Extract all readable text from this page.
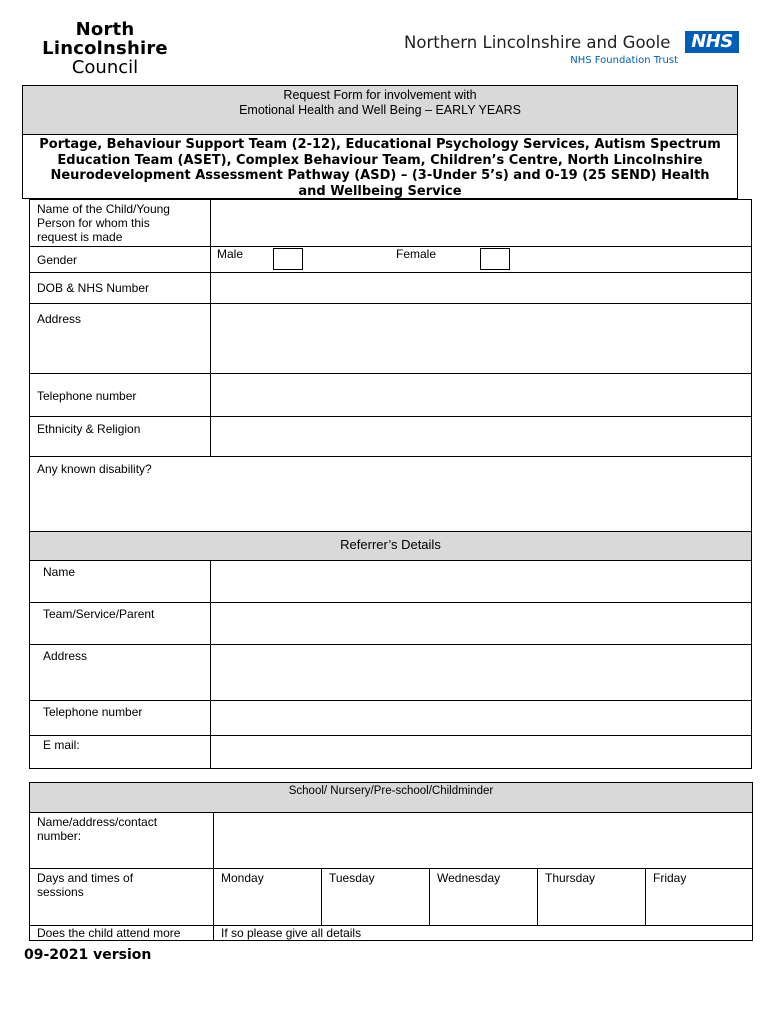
North
Lincolnshire
Council
Northern Lincolnshire and Goole	NHS
NHS Foundation Trust
Request Form for involvement with
Emotional Health and Well Being – EARLY YEARS
Portage, Behaviour Support Team (2-12), Educational Psychology Services, Autism Spectrum Education Team (ASET), Complex Behaviour Team, Children’s Centre, North Lincolnshire Neurodevelopment Assessment Pathway (ASD) – (3-Under 5’s) and 0-19 (25 SEND) Health and Wellbeing Service
Name of the Child/Young
Person for whom this
request is made
Gender	Male	Female
DOB & NHS Number
Address
Telephone number
Ethnicity & Religion
Any known disability?
Referrer’s Details
Name
Team/Service/Parent
Address
Telephone number
E mail:
School/ Nursery/Pre-school/Childminder
Name/address/contact
number:
Days and times of
sessions
Monday	Tuesday	Wednesday	Thursday	Friday
Does the child attend more	If so please give all details
09-2021 version
